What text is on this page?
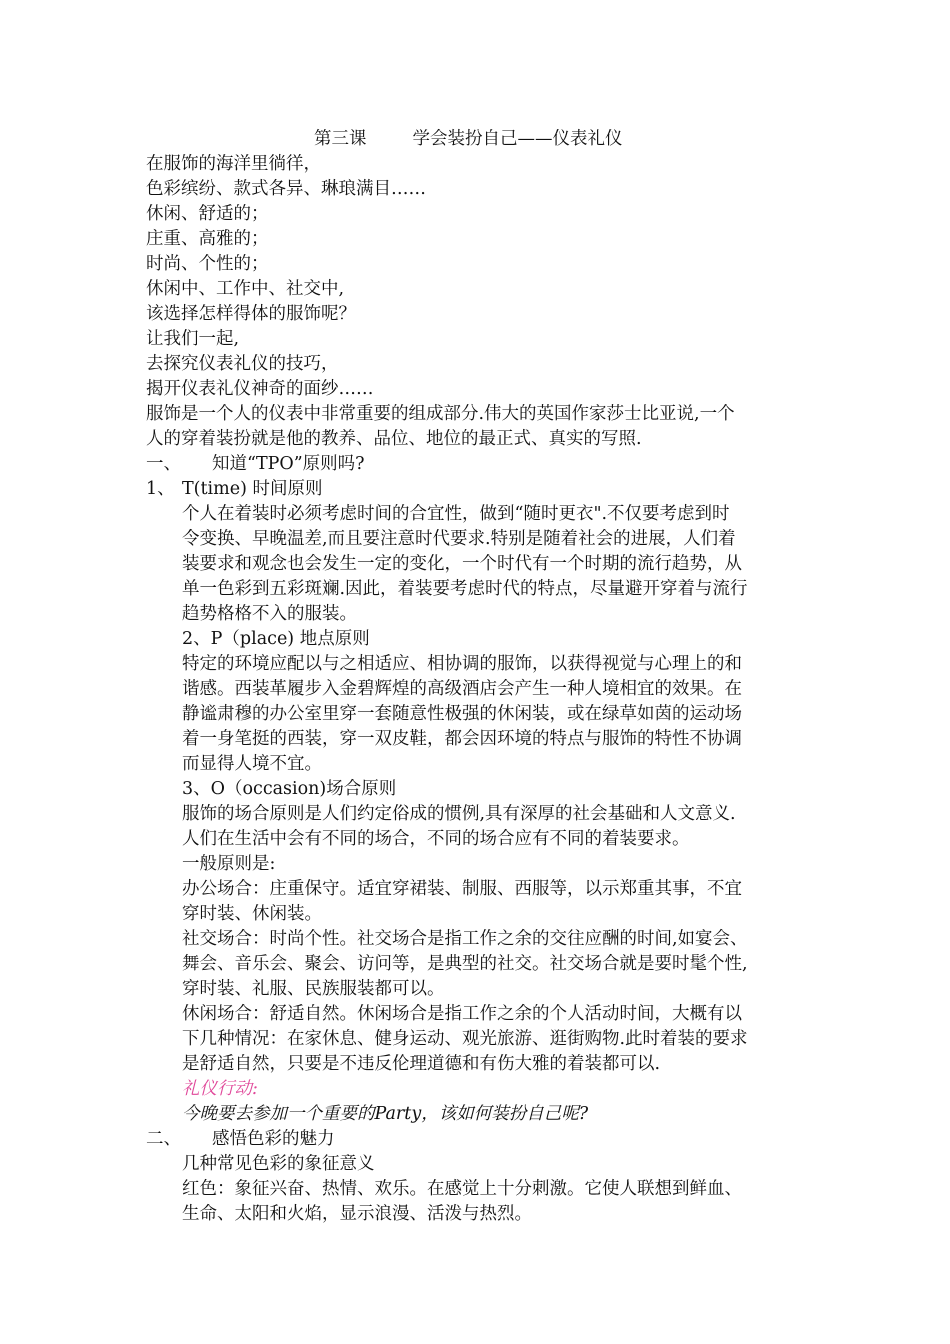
第三课	学会装扮自己——仪表礼仪
在服饰的海洋里徜徉，
色彩缤纷、款式各异、琳琅满目……
休闲、舒适的；
庄重、高雅的；
时尚、个性的；
休闲中、工作中、社交中,
该选择怎样得体的服饰呢？
让我们一起,
去探究仪表礼仪的技巧，
揭开仪表礼仪神奇的面纱……
服饰是一个人的仪表中非常重要的组成部分.伟大的英国作家莎士比亚说,一个
人的穿着装扮就是他的教养、品位、地位的最正式、真实的写照.
一、 知道“TPO”原则吗?
1、 T(time) 时间原则
个人在着装时必须考虑时间的合宜性，做到“随时更衣".不仅要考虑到时
令变换、早晚温差,而且要注意时代要求.特别是随着社会的进展，人们着
装要求和观念也会发生一定的变化，一个时代有一个时期的流行趋势，从
单一色彩到五彩斑斓.因此，着装要考虑时代的特点，尽量避开穿着与流行
趋势格格不入的服装。
2、P（place) 地点原则
特定的环境应配以与之相适应、相协调的服饰，以获得视觉与心理上的和
谐感。西装革履步入金碧辉煌的高级酒店会产生一种人境相宜的效果。在
静谧肃穆的办公室里穿一套随意性极强的休闲装，或在绿草如茵的运动场
着一身笔挺的西装，穿一双皮鞋，都会因环境的特点与服饰的特性不协调
而显得人境不宜。
3、O（occasion)场合原则
服饰的场合原则是人们约定俗成的惯例,具有深厚的社会基础和人文意义.
人们在生活中会有不同的场合，不同的场合应有不同的着装要求。
一般原则是:
办公场合：庄重保守。适宜穿裙装、制服、西服等，以示郑重其事，不宜
穿时装、休闲装。
社交场合：时尚个性。社交场合是指工作之余的交往应酬的时间,如宴会、
舞会、音乐会、聚会、访问等，是典型的社交。社交场合就是要时髦个性,
穿时装、礼服、民族服装都可以。
休闲场合：舒适自然。休闲场合是指工作之余的个人活动时间，大概有以
下几种情况：在家休息、健身运动、观光旅游、逛街购物.此时着装的要求
是舒适自然，只要是不违反伦理道德和有伤大雅的着装都可以.
礼仪行动:
今晚要去参加一个重要的Party，该如何装扮自己呢?
二、 感悟色彩的魅力
几种常见色彩的象征意义
红色：象征兴奋、热情、欢乐。在感觉上十分刺激。它使人联想到鲜血、
生命、太阳和火焰，显示浪漫、活泼与热烈。
